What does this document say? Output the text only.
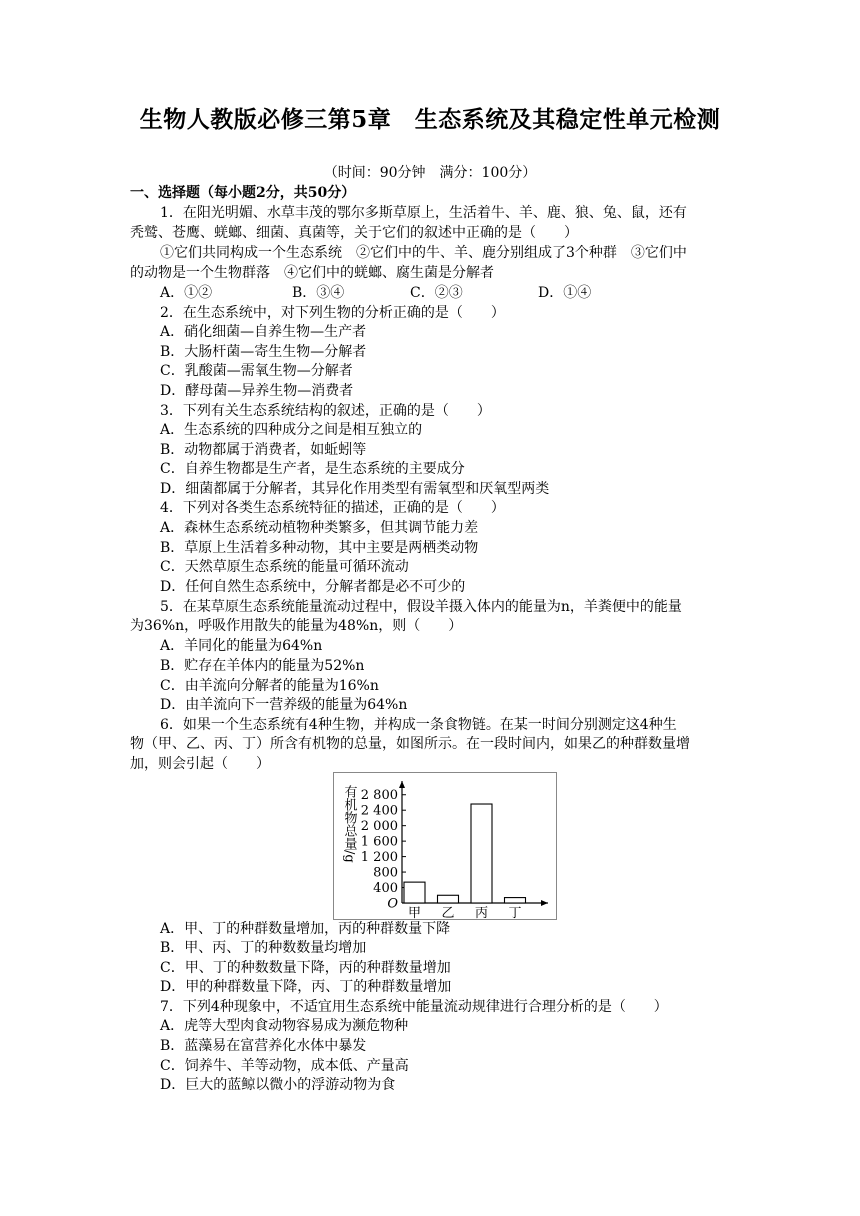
生物人教版必修三第5章　生态系统及其稳定性单元检测
（时间：90分钟　满分：100分）
一、选择题（每小题2分，共50分）
1．在阳光明媚、水草丰茂的鄂尔多斯草原上，生活着牛、羊、鹿、狼、兔、鼠，还有
秃鹫、苍鹰、蜣螂、细菌、真菌等，关于它们的叙述中正确的是（　　）
①它们共同构成一个生态系统　②它们中的牛、羊、鹿分别组成了3个种群　③它们中
的动物是一个生物群落　④它们中的蜣螂、腐生菌是分解者
A．①②	B．③④	C．②③	D．①④
2．在生态系统中，对下列生物的分析正确的是（　　）
A．硝化细菌—自养生物—生产者
B．大肠杆菌—寄生生物—分解者
C．乳酸菌—需氧生物—分解者
D．酵母菌—异养生物—消费者
3．下列有关生态系统结构的叙述，正确的是（　　）
A．生态系统的四种成分之间是相互独立的
B．动物都属于消费者，如蚯蚓等
C．自养生物都是生产者，是生态系统的主要成分
D．细菌都属于分解者，其异化作用类型有需氧型和厌氧型两类
4．下列对各类生态系统特征的描述，正确的是（　　）
A．森林生态系统动植物种类繁多，但其调节能力差
B．草原上生活着多种动物，其中主要是两栖类动物
C．天然草原生态系统的能量可循环流动
D．任何自然生态系统中，分解者都是必不可少的
5．在某草原生态系统能量流动过程中，假设羊摄入体内的能量为n，羊粪便中的能量
为36%n，呼吸作用散失的能量为48%n，则（　　）
A．羊同化的能量为64%n
B．贮存在羊体内的能量为52%n
C．由羊流向分解者的能量为16%n
D．由羊流向下一营养级的能量为64%n
6．如果一个生态系统有4种生物，并构成一条食物链。在某一时间分别测定这4种生
物（甲、乙、丙、丁）所含有机物的总量，如图所示。在一段时间内，如果乙的种群数量增
加，则会引起（　　）
有机物总量/g 2 800
2 400
2 000
1 600
1 200
800
400
O
甲 乙 丙 丁
A．甲、丁的种群数量增加，丙的种群数量下降
B．甲、丙、丁的种数数量均增加
C．甲、丁的种数数量下降，丙的种群数量增加
D．甲的种群数量下降，丙、丁的种群数量增加
7．下列4种现象中，不适宜用生态系统中能量流动规律进行合理分析的是（　　）
A．虎等大型肉食动物容易成为濒危物种
B．蓝藻易在富营养化水体中暴发
C．饲养牛、羊等动物，成本低、产量高
D．巨大的蓝鲸以微小的浮游动物为食
